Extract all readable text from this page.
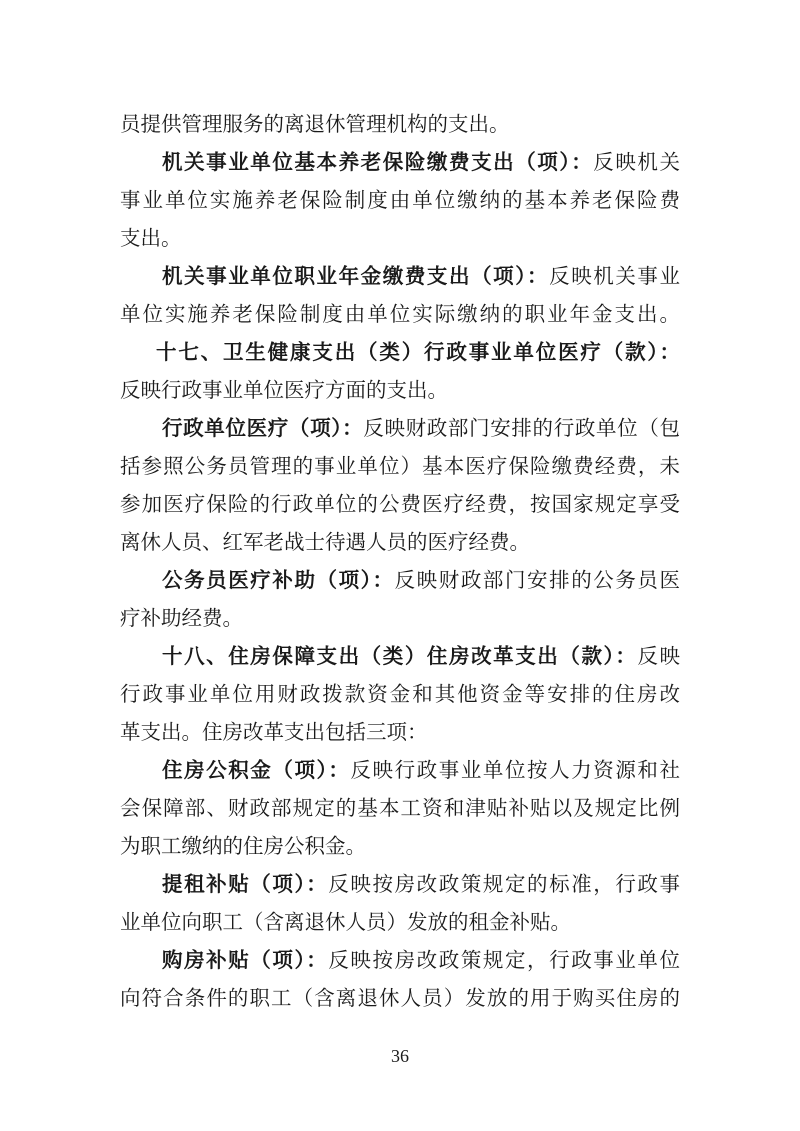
员提供管理服务的离退休管理机构的支出。
机关事业单位基本养老保险缴费支出（项）：反映机关
事业单位实施养老保险制度由单位缴纳的基本养老保险费
支出。
机关事业单位职业年金缴费支出（项）：反映机关事业
单位实施养老保险制度由单位实际缴纳的职业年金支出。
十七、卫生健康支出（类）行政事业单位医疗（款）：
反映行政事业单位医疗方面的支出。
行政单位医疗（项）：反映财政部门安排的行政单位（包
括参照公务员管理的事业单位）基本医疗保险缴费经费，未
参加医疗保险的行政单位的公费医疗经费，按国家规定享受
离休人员、红军老战士待遇人员的医疗经费。
公务员医疗补助（项）：反映财政部门安排的公务员医
疗补助经费。
十八、住房保障支出（类）住房改革支出（款）：反映
行政事业单位用财政拨款资金和其他资金等安排的住房改
革支出。住房改革支出包括三项：
住房公积金（项）：反映行政事业单位按人力资源和社
会保障部、财政部规定的基本工资和津贴补贴以及规定比例
为职工缴纳的住房公积金。
提租补贴（项）：反映按房改政策规定的标准，行政事
业单位向职工（含离退休人员）发放的租金补贴。
购房补贴（项）：反映按房改政策规定，行政事业单位
向符合条件的职工（含离退休人员）发放的用于购买住房的
36
